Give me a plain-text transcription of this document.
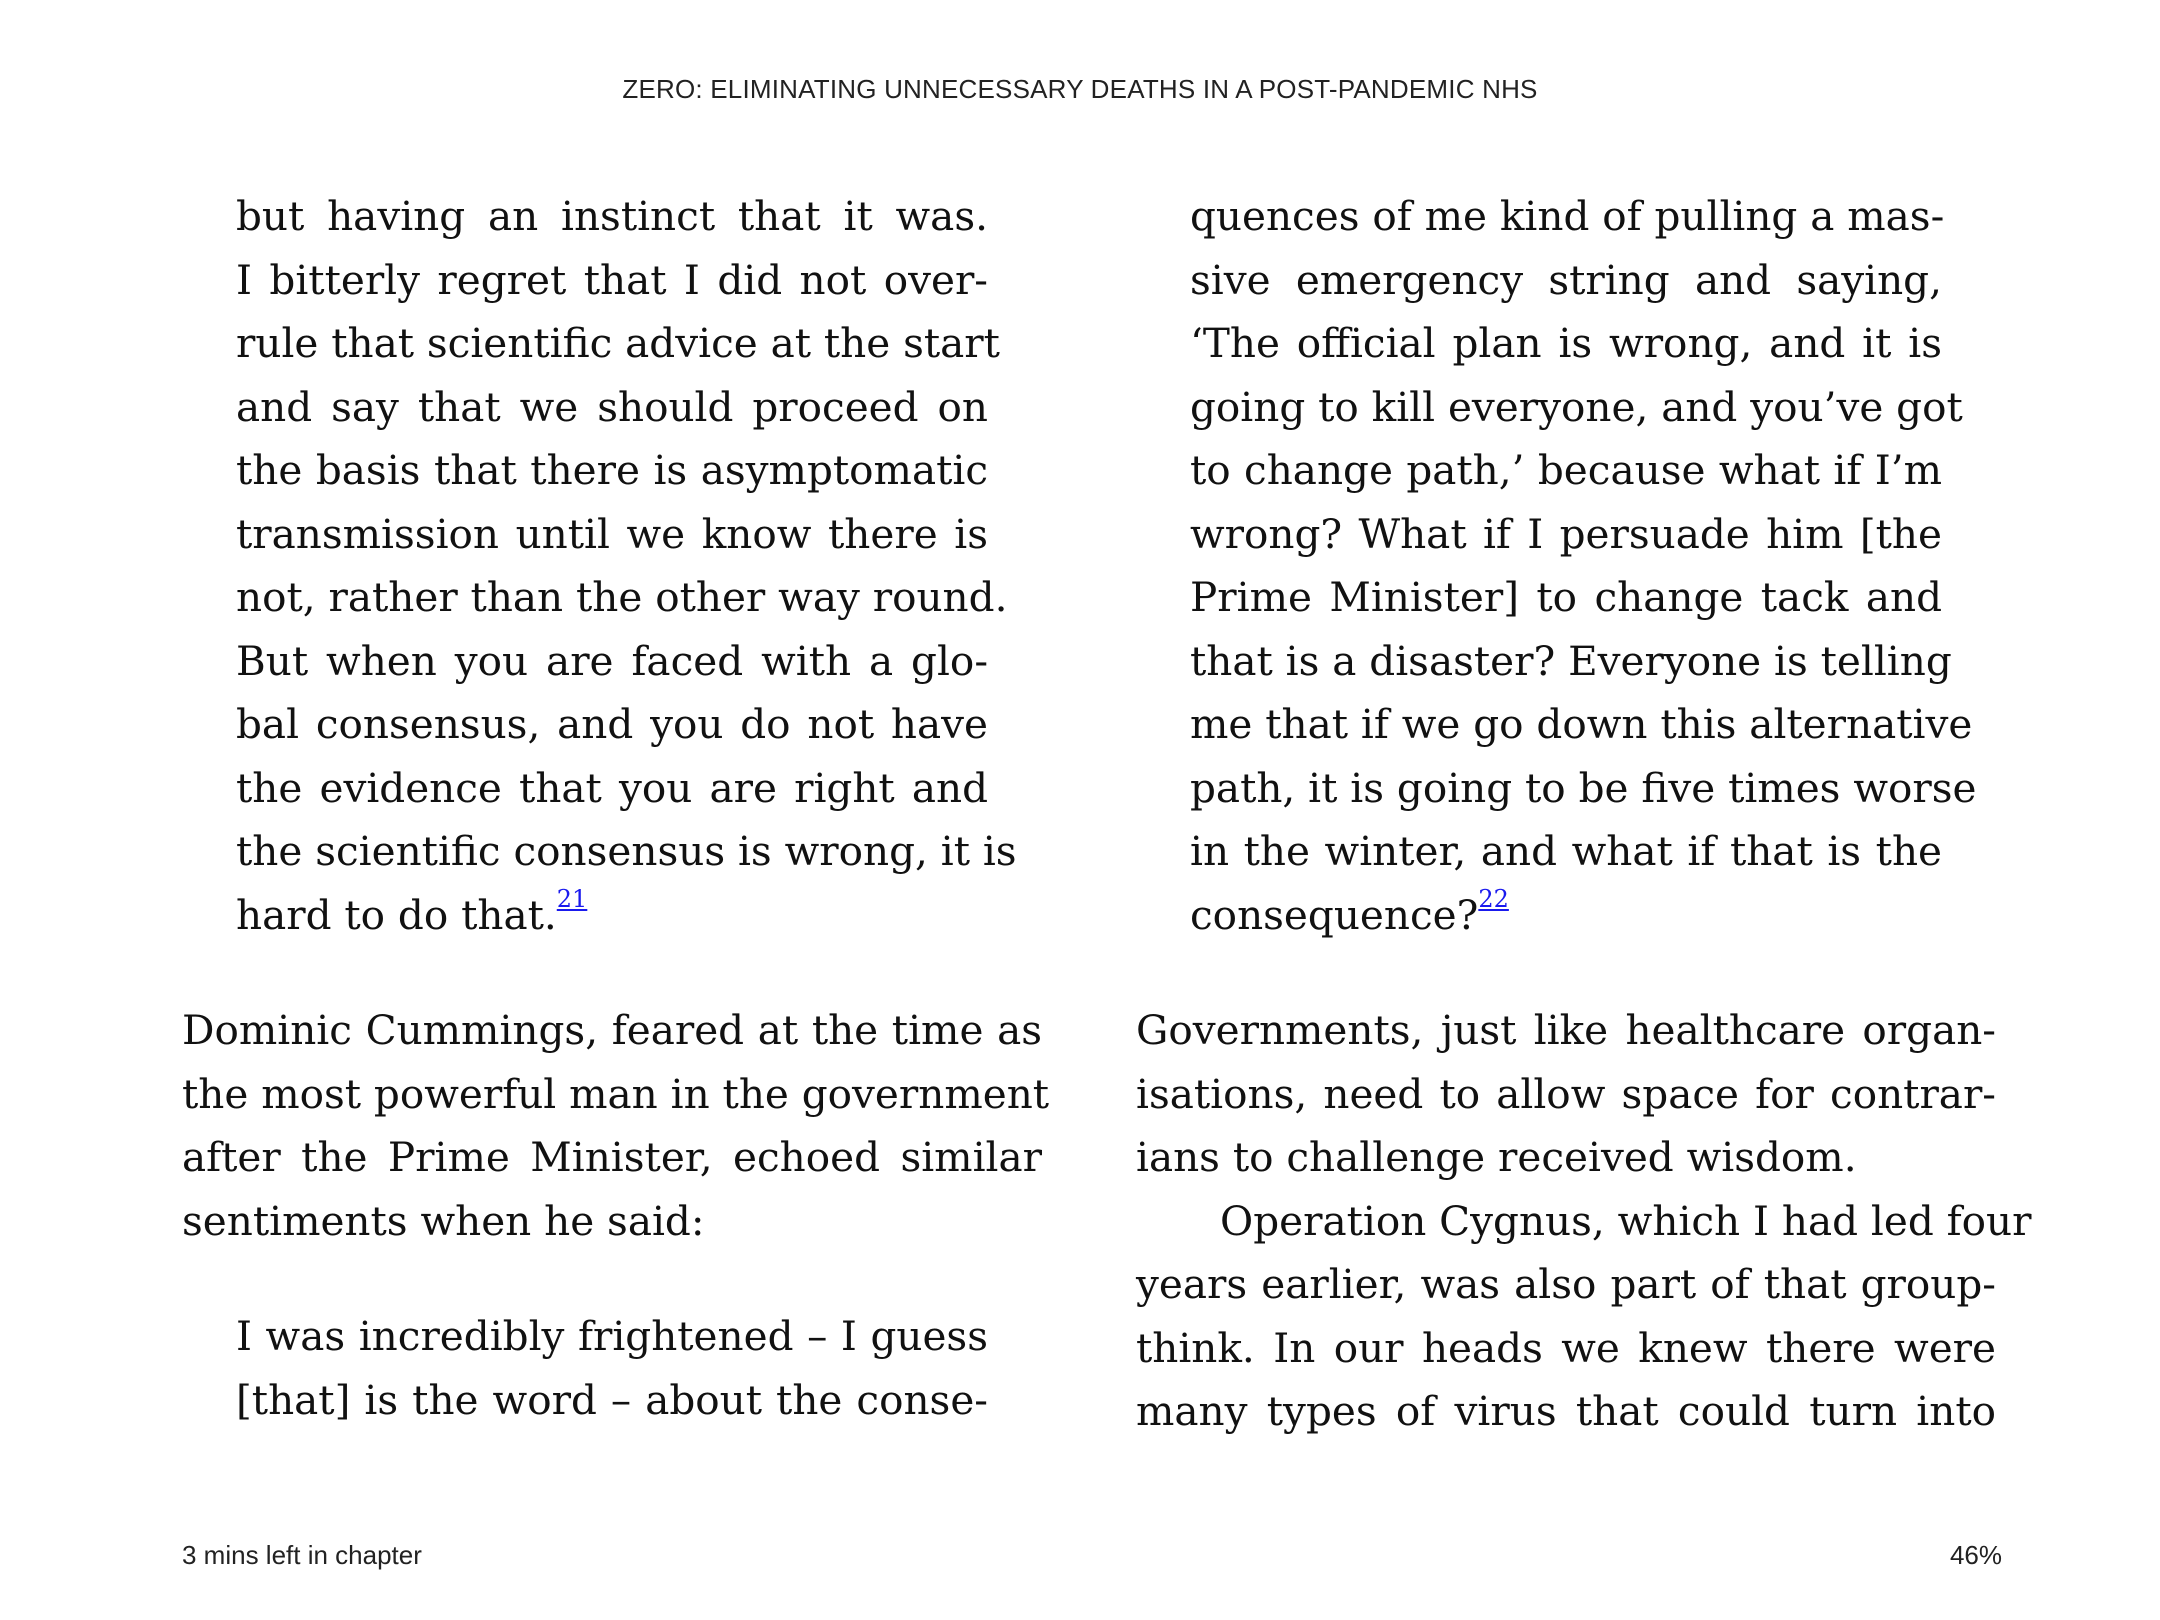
ZERO: ELIMINATING UNNECESSARY DEATHS IN A POST-PANDEMIC NHS
but having an instinct that it was.
I bitterly regret that I did not over-
rule that scientific advice at the start
and say that we should proceed on
the basis that there is asymptomatic
transmission until we know there is
not, rather than the other way round.
But when you are faced with a glo-
bal consensus, and you do not have
the evidence that you are right and
the scientific consensus is wrong, it is
hard to do that.$^{21}$
Dominic Cummings, feared at the time as
the most powerful man in the government
after the Prime Minister, echoed similar
sentiments when he said:
I was incredibly frightened – I guess
[that] is the word – about the conse-
quences of me kind of pulling a mas-
sive emergency string and saying,
‘The official plan is wrong, and it is
going to kill everyone, and you’ve got
to change path,’ because what if I’m
wrong? What if I persuade him [the
Prime Minister] to change tack and
that is a disaster? Everyone is telling
me that if we go down this alternative
path, it is going to be five times worse
in the winter, and what if that is the
consequence?$^{22}$
Governments, just like healthcare organ-
isations, need to allow space for contrar-
ians to challenge received wisdom.
Operation Cygnus, which I had led four
years earlier, was also part of that group-
think. In our heads we knew there were
many types of virus that could turn into
3 mins left in chapter	46%
